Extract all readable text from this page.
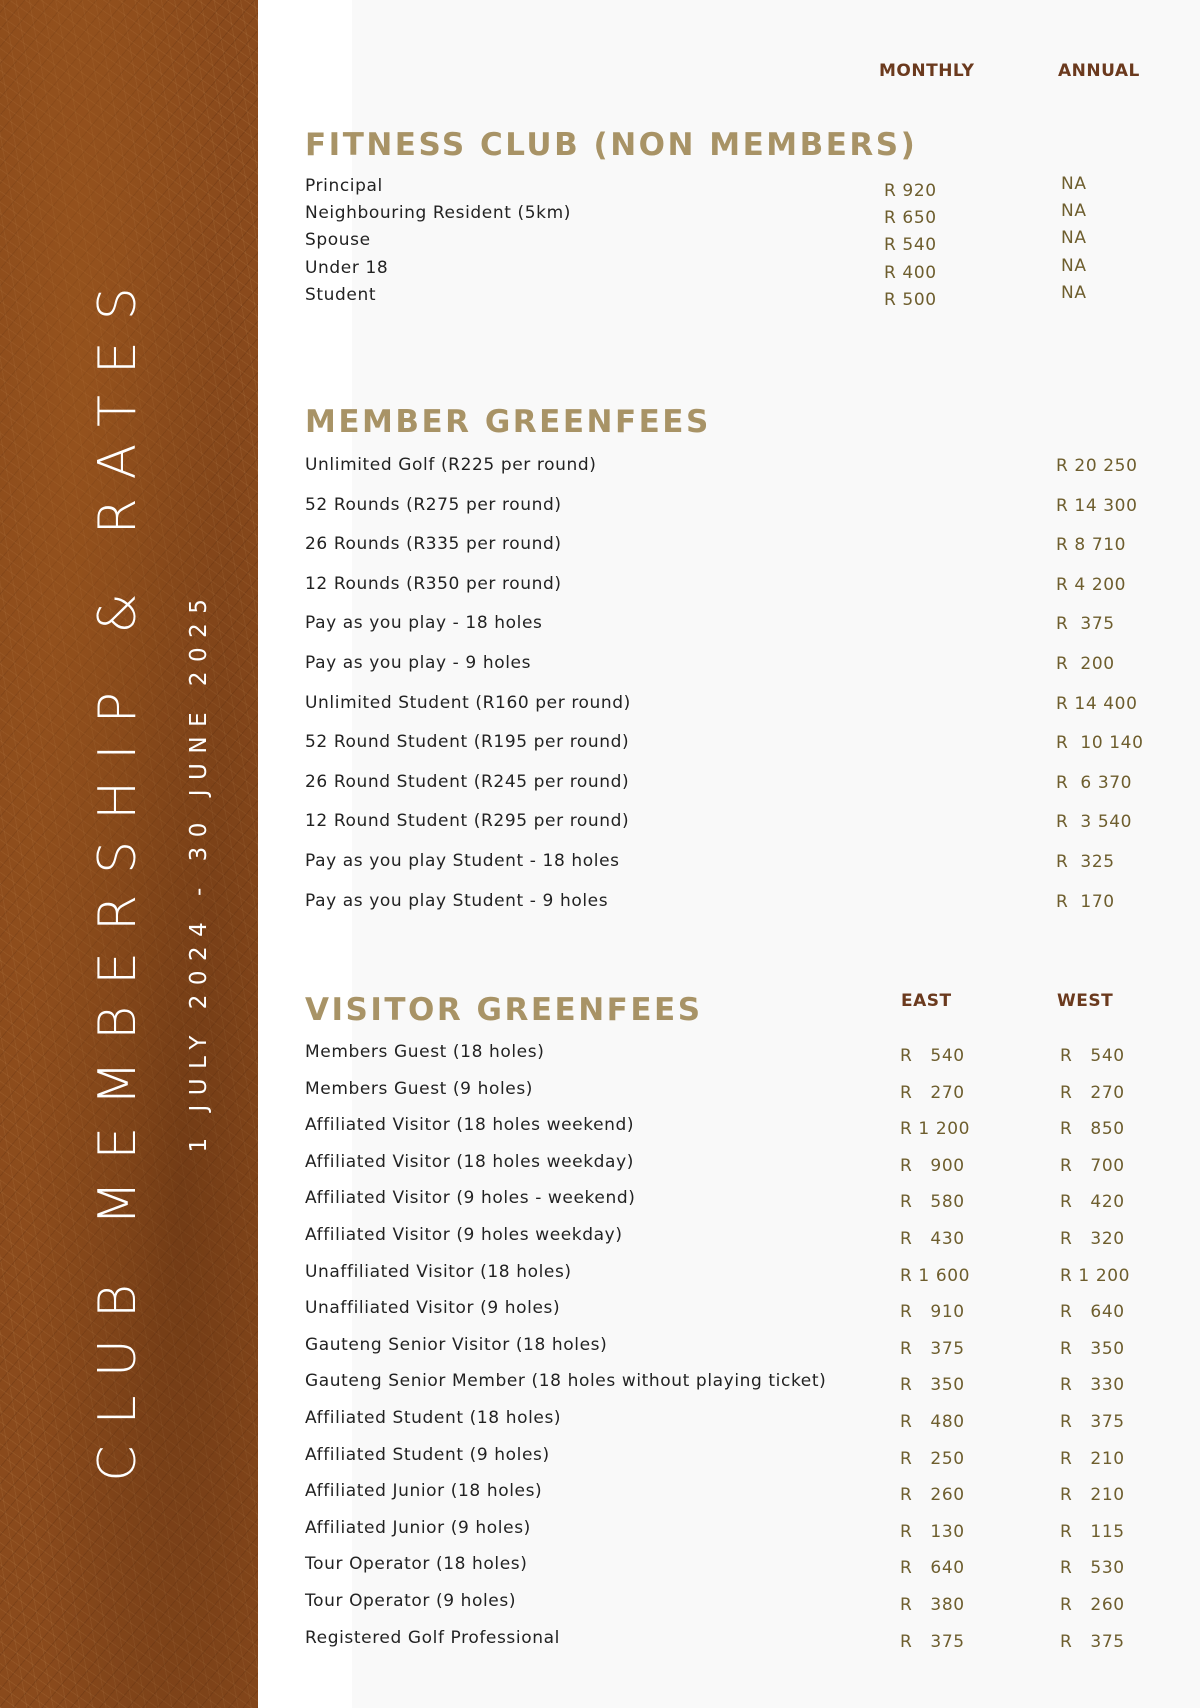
CLUB MEMBERSHIP & RATES 1 JULY 2024 - 30 JUNE 2025
MONTHLY	ANNUAL
FITNESS CLUB (NON MEMBERS)
Principal	R 920	NA
Neighbouring Resident (5km)	R 650	NA
Spouse	R 540	NA
Under 18	R 400	NA
Student	R 500	NA
MEMBER GREENFEES
Unlimited Golf (R225 per round)	R 20 250
52 Rounds (R275 per round)	R 14 300
26 Rounds (R335 per round)	R 8 710
12 Rounds (R350 per round)	R 4 200
Pay as you play - 18 holes	R  375
Pay as you play - 9 holes	R  200
Unlimited Student (R160 per round)	R 14 400
52 Round Student (R195 per round)	R  10 140
26 Round Student (R245 per round)	R  6 370
12 Round Student (R295 per round)	R  3 540
Pay as you play Student - 18 holes	R  325
Pay as you play Student - 9 holes	R  170
EAST	WEST
VISITOR GREENFEES
Members Guest (18 holes)	R   540	R   540
Members Guest (9 holes)	R   270	R   270
Affiliated Visitor (18 holes weekend)	R 1 200	R   850
Affiliated Visitor (18 holes weekday)	R   900	R   700
Affiliated Visitor (9 holes - weekend)	R   580	R   420
Affiliated Visitor (9 holes weekday)	R   430	R   320
Unaffiliated Visitor (18 holes)	R 1 600	R 1 200
Unaffiliated Visitor (9 holes)	R   910	R   640
Gauteng Senior Visitor (18 holes)	R   375	R   350
Gauteng Senior Member (18 holes without playing ticket)	R   350	R   330
Affiliated Student (18 holes)	R   480	R   375
Affiliated Student (9 holes)	R   250	R   210
Affiliated Junior (18 holes)	R   260	R   210
Affiliated Junior (9 holes)	R   130	R   115
Tour Operator (18 holes)	R   640	R   530
Tour Operator (9 holes)	R   380	R   260
Registered Golf Professional	R   375	R   375
